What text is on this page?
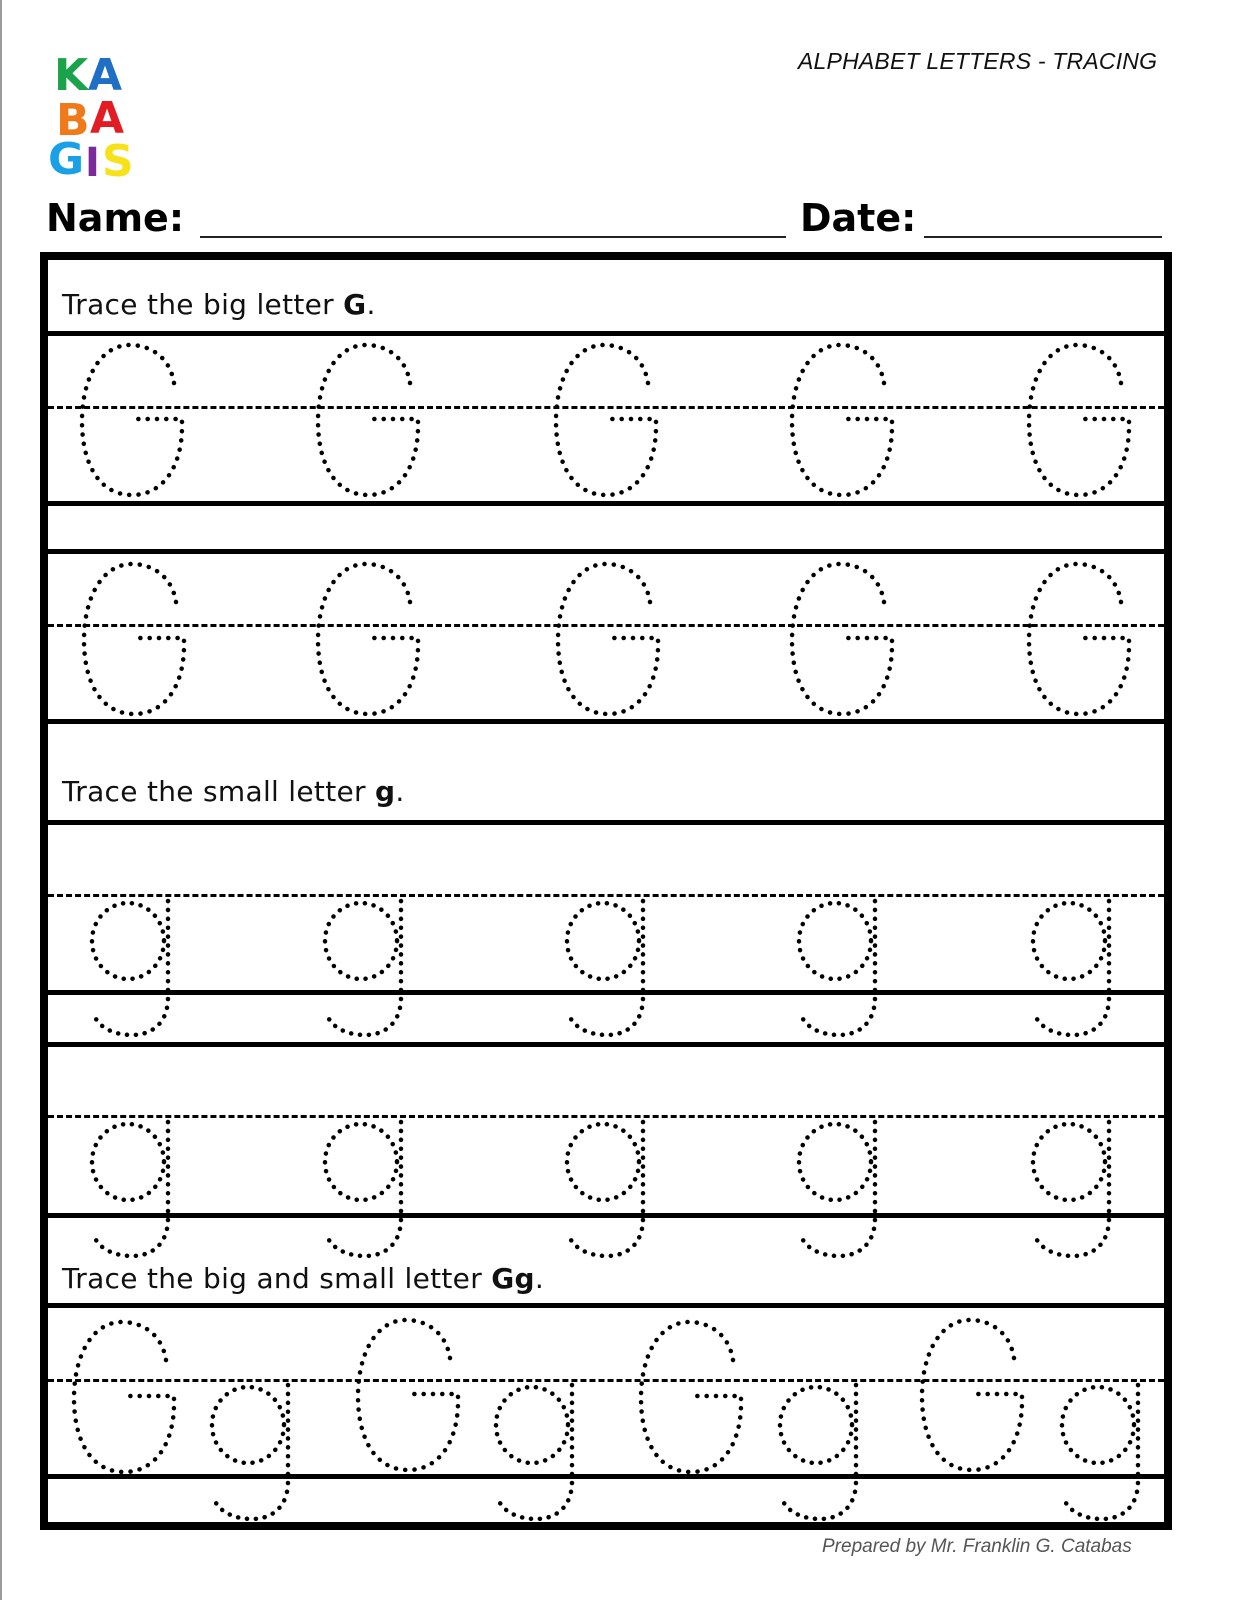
K A
B A
G I S
ALPHABET LETTERS - TRACING
Name:	Date:
Trace the big letter G.
Trace the small letter g.
Trace the big and small letter Gg.
Prepared by Mr. Franklin G. Catabas
